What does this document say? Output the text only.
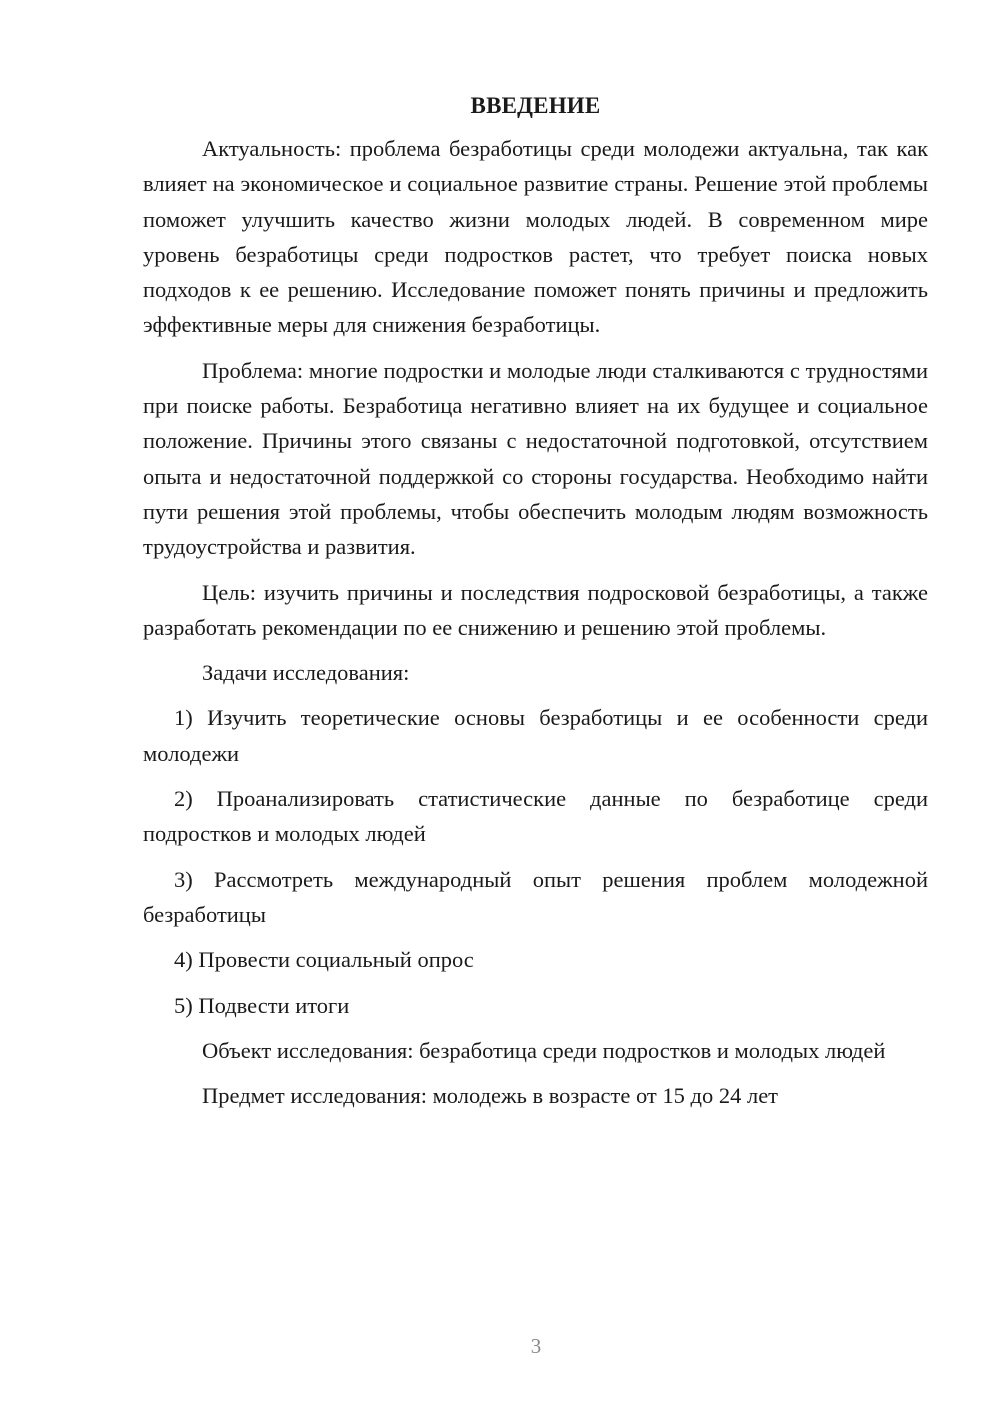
ВВЕДЕНИЕ

Актуальность: проблема безработицы среди молодежи актуальна, так как влияет на экономическое и социальное развитие страны. Решение этой проблемы поможет улучшить качество жизни молодых людей. В современном мире уровень безработицы среди подростков растет, что требует поиска новых подходов к ее решению. Исследование поможет понять причины и предложить эффективные меры для снижения безработицы.

Проблема: многие подростки и молодые люди сталкиваются с трудностями при поиске работы. Безработица негативно влияет на их будущее и социальное положение. Причины этого связаны с недостаточной подготовкой, отсутствием опыта и недостаточной поддержкой со стороны государства. Необходимо найти пути решения этой проблемы, чтобы обеспечить молодым людям возможность трудоустройства и развития.

Цель: изучить причины и последствия подросковой безработицы, а также разработать рекомендации по ее снижению и решению этой проблемы.

Задачи исследования:

1) Изучить теоретические основы безработицы и ее особенности среди молодежи

2) Проанализировать статистические данные по безработице среди подростков и молодых людей

3) Рассмотреть международный опыт решения проблем молодежной безработицы

4) Провести социальный опрос

5) Подвести итоги

Объект исследования: безработица среди подростков и молодых людей

Предмет исследования: молодежь в возрасте от 15 до 24 лет

3
